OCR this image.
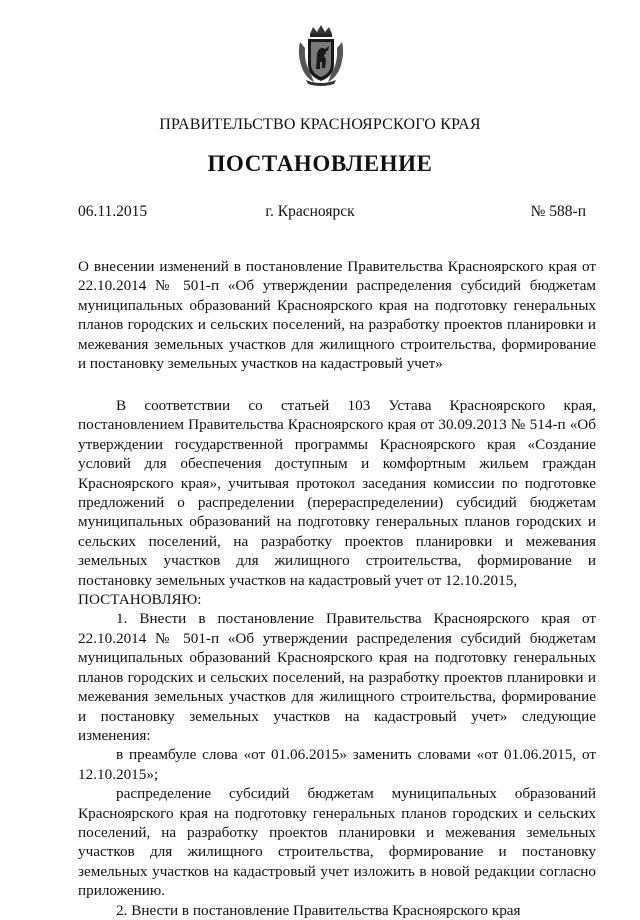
ПРАВИТЕЛЬСТВО КРАСНОЯРСКОГО КРАЯ
ПОСТАНОВЛЕНИЕ
06.11.2015	г. Красноярск	№ 588-п

О внесении изменений в постановление Правительства Красноярского края от 22.10.2014 № 501-п «Об утверждении распределения субсидий бюджетам муниципальных образований Красноярского края на подготовку генеральных планов городских и сельских поселений, на разработку проектов планировки и межевания земельных участков для жилищного строительства, формирование и постановку земельных участков на кадастровый учет»

В соответствии со статьей 103 Устава Красноярского края, постановлением Правительства Красноярского края от 30.09.2013 № 514-п «Об утверждении государственной программы Красноярского края «Создание условий для обеспечения доступным и комфортным жильем граждан Красноярского края», учитывая протокол заседания комиссии по подготовке предложений о распределении (перераспределении) субсидий бюджетам муниципальных образований на подготовку генеральных планов городских и сельских поселений, на разработку проектов планировки и межевания земельных участков для жилищного строительства, формирование и постановку земельных участков на кадастровый учет от 12.10.2015,

ПОСТАНОВЛЯЮ:

1. Внести в постановление Правительства Красноярского края от 22.10.2014 № 501-п «Об утверждении распределения субсидий бюджетам муниципальных образований Красноярского края на подготовку генеральных планов городских и сельских поселений, на разработку проектов планировки и межевания земельных участков для жилищного строительства, формирование и постановку земельных участков на кадастровый учет» следующие изменения:

в преамбуле слова «от 01.06.2015» заменить словами «от 01.06.2015, от 12.10.2015»;

распределение субсидий бюджетам муниципальных образований Красноярского края на подготовку генеральных планов городских и сельских поселений, на разработку проектов планировки и межевания земельных участков для жилищного строительства, формирование и постановку земельных участков на кадастровый учет изложить в новой редакции согласно приложению.

2. Внести в постановление Правительства Красноярского края
